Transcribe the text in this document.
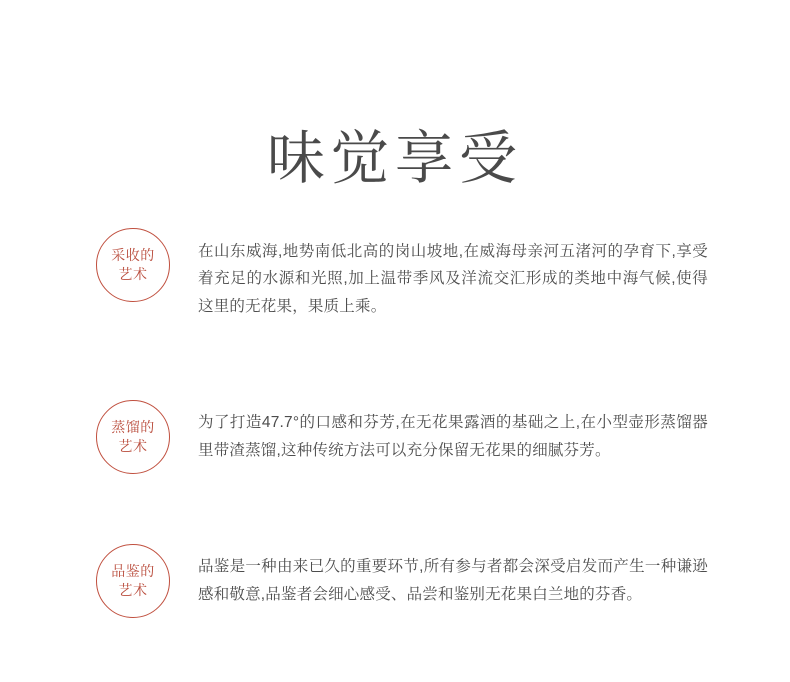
味觉享受
采收的
艺术

在山东威海,地势南低北高的岗山坡地,在威海母亲河五渚河的孕育下,享受着充足的水源和光照,加上温带季风及洋流交汇形成的类地中海气候,使得这里的无花果，果质上乘。

蒸馏的
艺术

为了打造47.7°的口感和芬芳,在无花果露酒的基础之上,在小型壶形蒸馏器里带渣蒸馏,这种传统方法可以充分保留无花果的细腻芬芳。

品鉴的
艺术

品鉴是一种由来已久的重要环节,所有参与者都会深受启发而产生一种谦逊感和敬意,品鉴者会细心感受、品尝和鉴别无花果白兰地的芬香。
